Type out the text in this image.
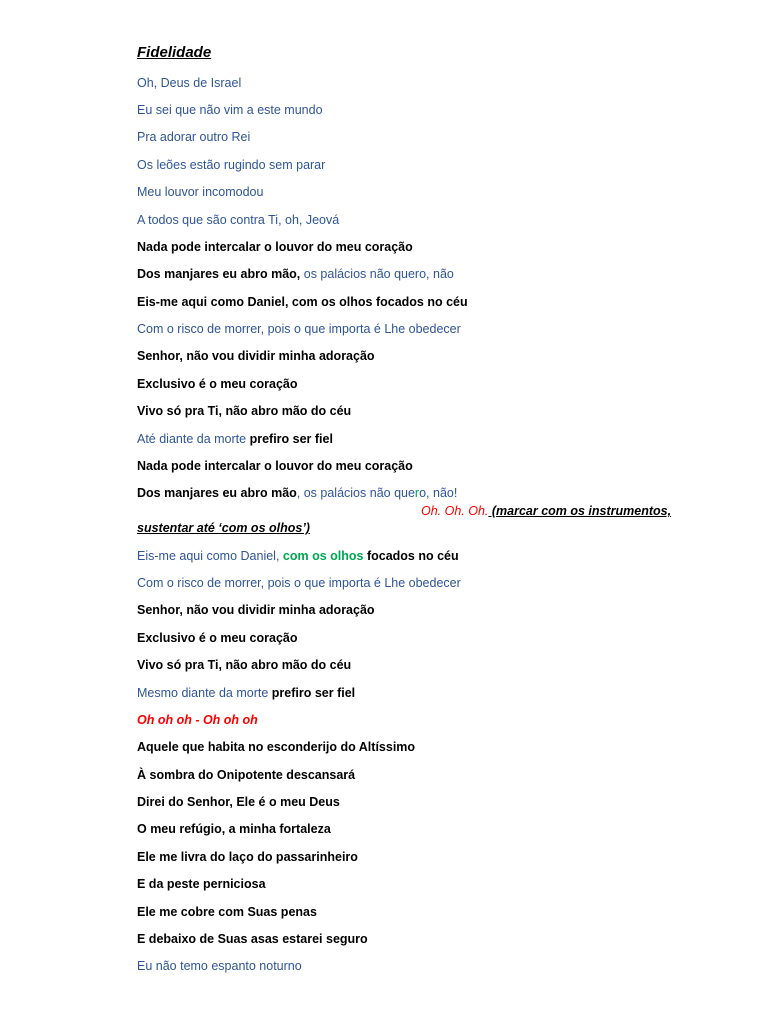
Fidelidade
Oh, Deus de Israel
Eu sei que não vim a este mundo
Pra adorar outro Rei
Os leões estão rugindo sem parar
Meu louvor incomodou
A todos que são contra Ti, oh, Jeová
Nada pode intercalar o louvor do meu coração
Dos manjares eu abro mão, os palácios não quero, não
Eis-me aqui como Daniel, com os olhos focados no céu
Com o risco de morrer, pois o que importa é Lhe obedecer
Senhor, não vou dividir minha adoração
Exclusivo é o meu coração
Vivo só pra Ti, não abro mão do céu
Até diante da morte prefiro ser fiel
Nada pode intercalar o louvor do meu coração
Dos manjares eu abro mão, os palácios não quero, não!
Oh. Oh. Oh. (marcar com os instrumentos,
sustentar até ‘com os olhos’)
Eis-me aqui como Daniel, com os olhos focados no céu
Com o risco de morrer, pois o que importa é Lhe obedecer
Senhor, não vou dividir minha adoração
Exclusivo é o meu coração
Vivo só pra Ti, não abro mão do céu
Mesmo diante da morte prefiro ser fiel
Oh oh oh - Oh oh oh
Aquele que habita no esconderijo do Altíssimo
À sombra do Onipotente descansará
Direi do Senhor, Ele é o meu Deus
O meu refúgio, a minha fortaleza
Ele me livra do laço do passarinheiro
E da peste perniciosa
Ele me cobre com Suas penas
E debaixo de Suas asas estarei seguro
Eu não temo espanto noturno
